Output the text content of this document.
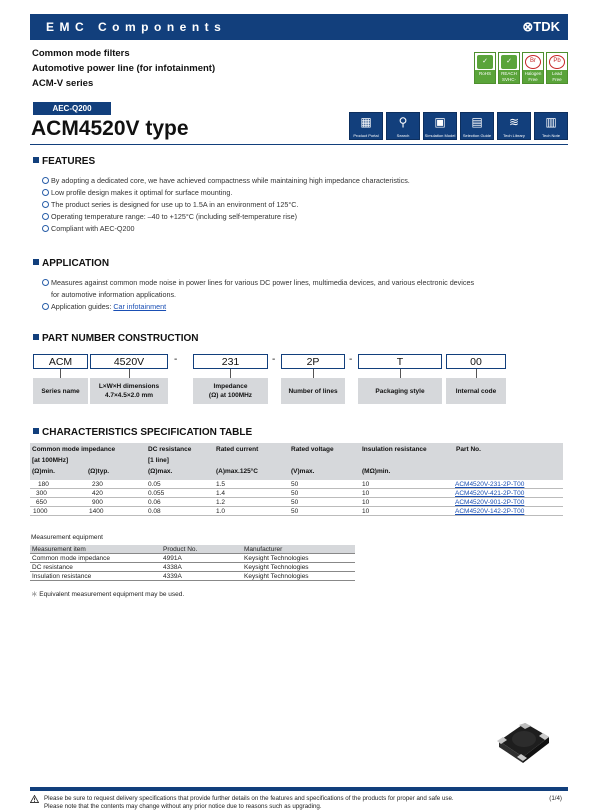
EMC Components	⊗TDK
Common mode filters
Automotive power line (for infotainment)
ACM-V series
✓
RoHS
✓
REACH SVHC-Free
Br
Halogen Free
Pb
Lead Free
AEC-Q200
ACM4520V type	▦
Product Portal
⚲
Search
▣
Simulation Model
▤
Selection Guide
≋
Tech Library
▥
Tech Note
FEATURES
By adopting a dedicated core, we have achieved compactness while maintaining high impedance characteristics.
Low profile design makes it optimal for surface mounting.
The product series is designed for use up to 1.5A in an environment of 125°C.
Operating temperature range: –40 to +125°C (including self-temperature rise)
Compliant with AEC-Q200
APPLICATION
Measures against common mode noise in power lines for various DC power lines, multimedia devices, and various electronic devices
for automotive information applications.
Application guides: Car infotainment
PART NUMBER CONSTRUCTION
ACM	4520V	-	231	-	2P	-	T	00
Series name
L×W×H dimensions
4.7×4.5×2.0 mm
Impedance
(Ω) at 100MHz
Number of lines	Packaging style	Internal code
CHARACTERISTICS SPECIFICATION TABLE
Common mode impedance	DC resistance	Rated current	Rated voltage	Insulation resistance	Part No.
[at 100MHz]	[1 line]
(Ω)min.	(Ω)typ.	(Ω)max.	(A)max.125°C	(V)max.	(MΩ)min.
180	230	0.05	1.5	50	10	ACM4520V-231-2P-T00
300	420	0.055	1.4	50	10	ACM4520V-421-2P-T00
650	900	0.06	1.2	50	10	ACM4520V-901-2P-T00
1000	1400	0.08	1.0	50	10	ACM4520V-142-2P-T00
Measurement equipment
Measurement item	Product No.	Manufacturer
Common mode impedance	4991A	Keysight Technologies
DC resistance	4338A	Keysight Technologies
Insulation resistance	4339A	Keysight Technologies
＊ Equivalent measurement equipment may be used.
Please be sure to request delivery specifications that provide further details on the features and specifications of the products for proper and safe use.
Please note that the contents may change without any prior notice due to reasons such as upgrading.
(1/4)
